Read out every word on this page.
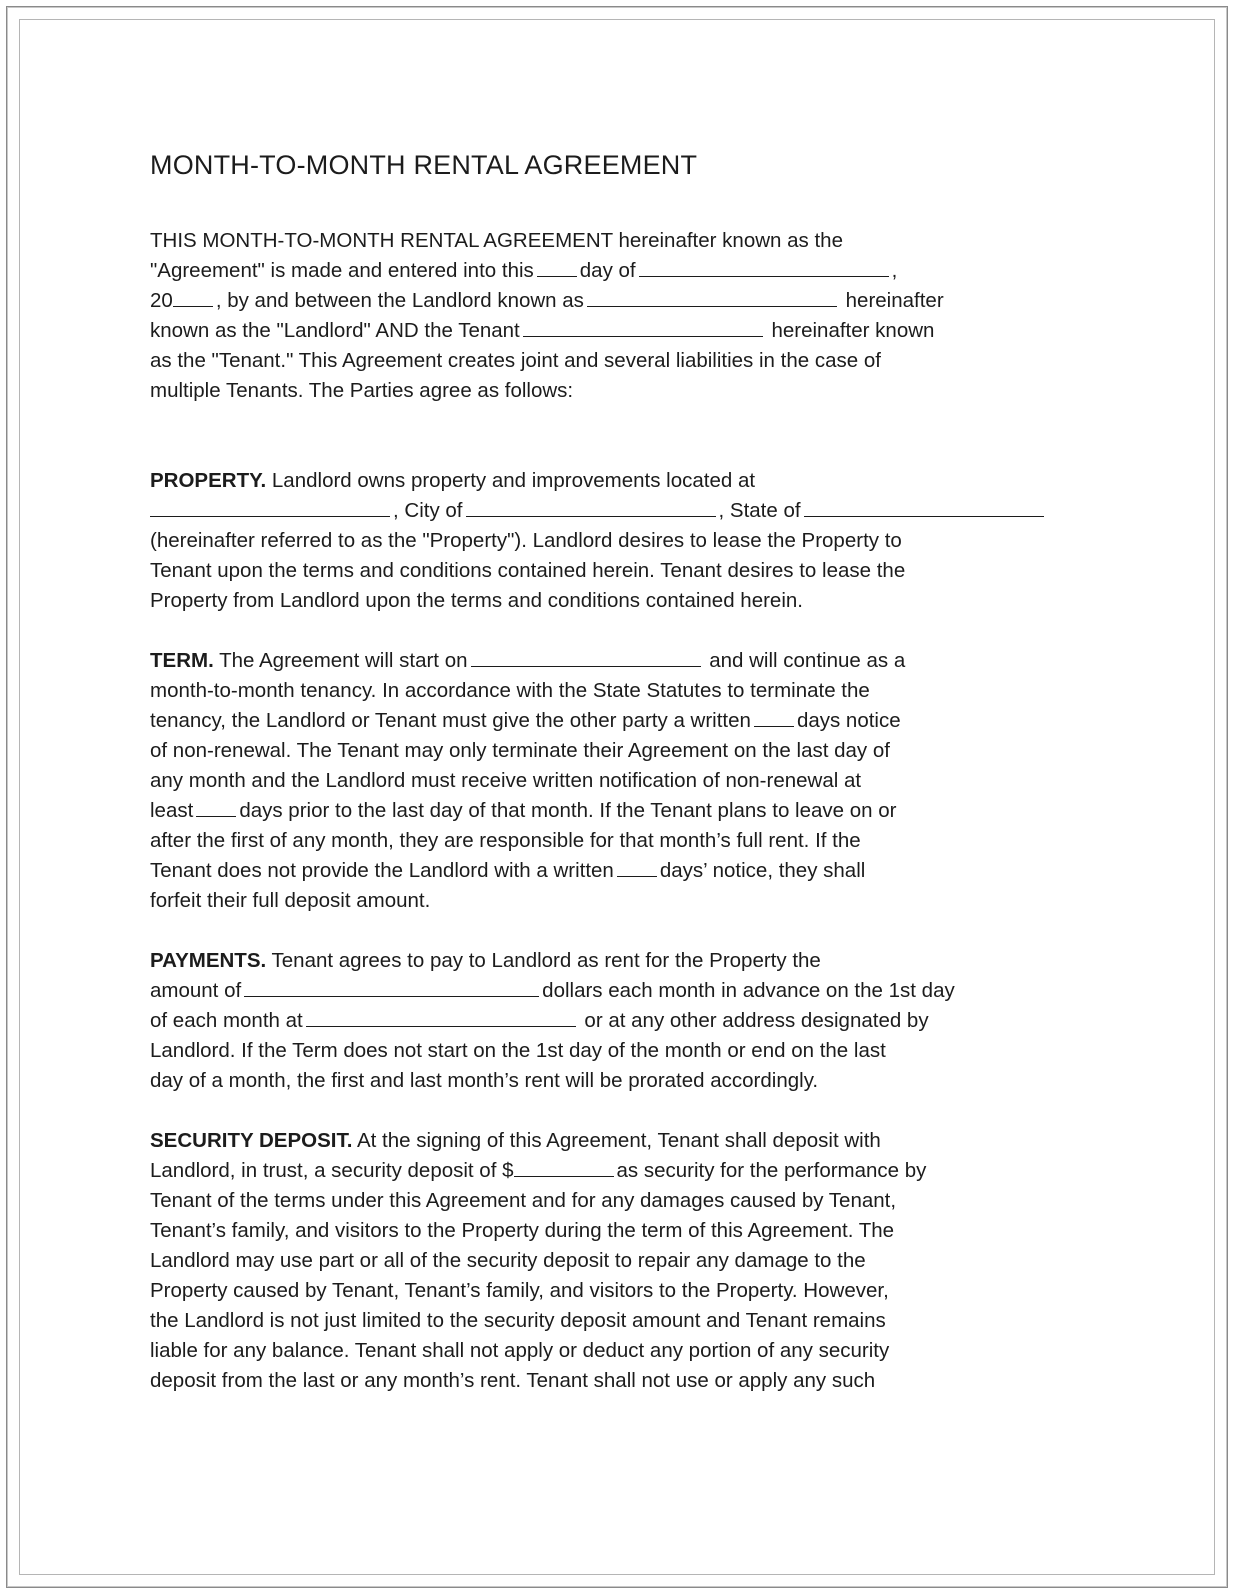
MONTH-TO-MONTH RENTAL AGREEMENT

THIS MONTH-TO-MONTH RENTAL AGREEMENT hereinafter known as the
"Agreement" is made and entered into this day of	,
20 , by and between the Landlord known as	hereinafter
known as the "Landlord" AND the Tenant	hereinafter known
as the "Tenant." This Agreement creates joint and several liabilities in the case of
multiple Tenants. The Parties agree as follows:

PROPERTY. Landlord owns property and improvements located at
, City of	, State of
(hereinafter referred to as the "Property"). Landlord desires to lease the Property to
Tenant upon the terms and conditions contained herein. Tenant desires to lease the
Property from Landlord upon the terms and conditions contained herein.

TERM. The Agreement will start on	and will continue as a
month-to-month tenancy. In accordance with the State Statutes to terminate the
tenancy, the Landlord or Tenant must give the other party a written days notice
of non-renewal. The Tenant may only terminate their Agreement on the last day of
any month and the Landlord must receive written notification of non-renewal at
least days prior to the last day of that month. If the Tenant plans to leave on or
after the first of any month, they are responsible for that month’s full rent. If the
Tenant does not provide the Landlord with a written days’ notice, they shall
forfeit their full deposit amount.

PAYMENTS. Tenant agrees to pay to Landlord as rent for the Property the
amount of	dollars each month in advance on the 1st day
of each month at	or at any other address designated by
Landlord. If the Term does not start on the 1st day of the month or end on the last
day of a month, the first and last month’s rent will be prorated accordingly.

SECURITY DEPOSIT. At the signing of this Agreement, Tenant shall deposit with
Landlord, in trust, a security deposit of $	as security for the performance by
Tenant of the terms under this Agreement and for any damages caused by Tenant,
Tenant’s family, and visitors to the Property during the term of this Agreement. The
Landlord may use part or all of the security deposit to repair any damage to the
Property caused by Tenant, Tenant’s family, and visitors to the Property. However,
the Landlord is not just limited to the security deposit amount and Tenant remains
liable for any balance. Tenant shall not apply or deduct any portion of any security
deposit from the last or any month’s rent. Tenant shall not use or apply any such
